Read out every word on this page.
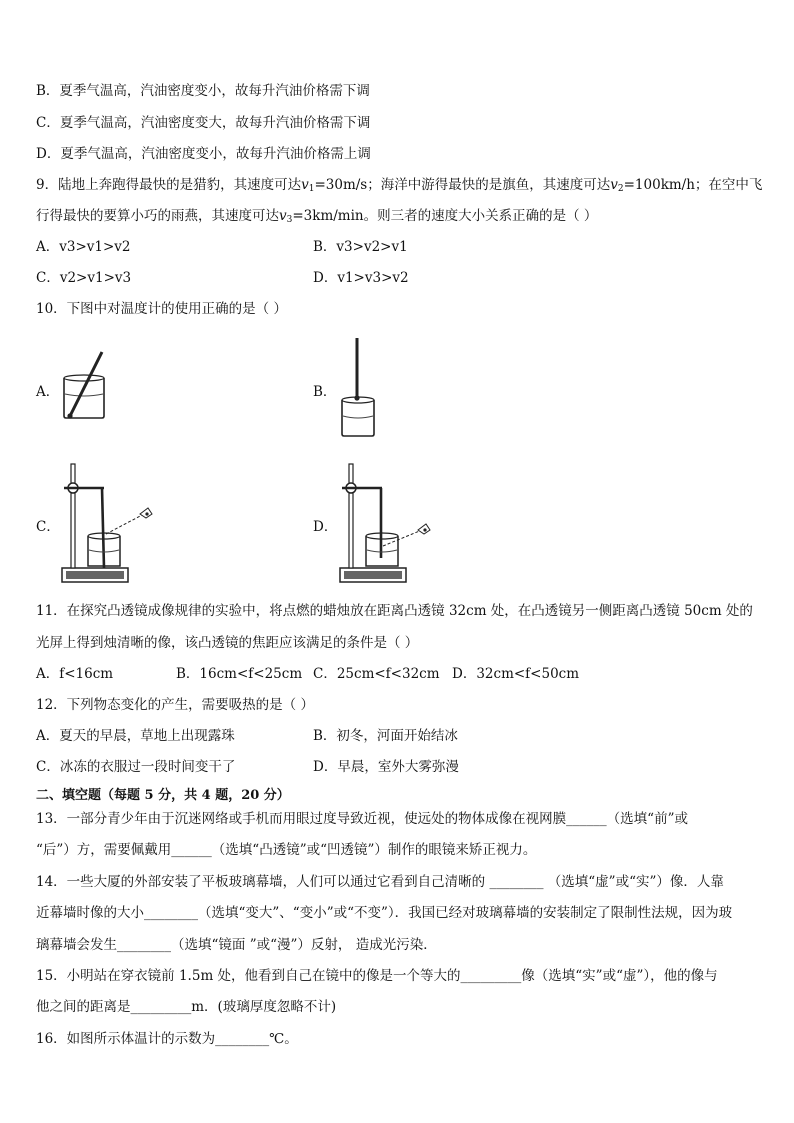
B．夏季气温高，汽油密度变小，故每升汽油价格需下调
C．夏季气温高，汽油密度变大，故每升汽油价格需下调
D．夏季气温高，汽油密度变小，故每升汽油价格需上调
9．陆地上奔跑得最快的是猎豹，其速度可达$v_1=30m/s$；海洋中游得最快的是旗鱼，其速度可达$v_2=100km/h$；在空中飞
行得最快的要算小巧的雨燕，其速度可达$v_3=3km/\min$。则三者的速度大小关系正确的是（ ）
A．v3>v1>v2	B．v3>v2>v1
C．v2>v1>v3	D．v1>v3>v2
10．下图中对温度计的使用正确的是（ ）
A．	B．
C．	D．
11．在探究凸透镜成像规律的实验中，将点燃的蜡烛放在距离凸透镜 32cm 处，在凸透镜另一侧距离凸透镜 50cm 处的
光屏上得到烛清晰的像，该凸透镜的焦距应该满足的条件是（ ）
A．f<16cm	B．16cm<f<25cm C．25cm<f<32cm D．32cm<f<50cm
12．下列物态变化的产生，需要吸热的是（ ）
A．夏天的早晨，草地上出现露珠	B．初冬，河面开始结冰
C．冰冻的衣服过一段时间变干了	D．早晨，室外大雾弥漫
二、填空题（每题 5 分，共 4 题，20 分）
13．一部分青少年由于沉迷网络或手机而用眼过度导致近视，使远处的物体成像在视网膜______（选填“前”或
“后”）方，需要佩戴用______（选填“凸透镜”或“凹透镜”）制作的眼镜来矫正视力。
14．一些大厦的外部安装了平板玻璃幕墙，人们可以通过它看到自己清晰的 ________ （选填“虚”或“实”）像．人靠
近幕墙时像的大小________（选填“变大”、“变小”或“不变”）．我国已经对玻璃幕墙的安装制定了限制性法规，因为玻
璃幕墙会发生________（选填“镜面 ”或“漫”）反射， 造成光污染．
15．小明站在穿衣镜前 1.5m 处，他看到自己在镜中的像是一个等大的_________像（选填“实”或“虚”），他的像与
他之间的距离是_________m．(玻璃厚度忽略不计)
16．如图所示体温计的示数为________℃。
